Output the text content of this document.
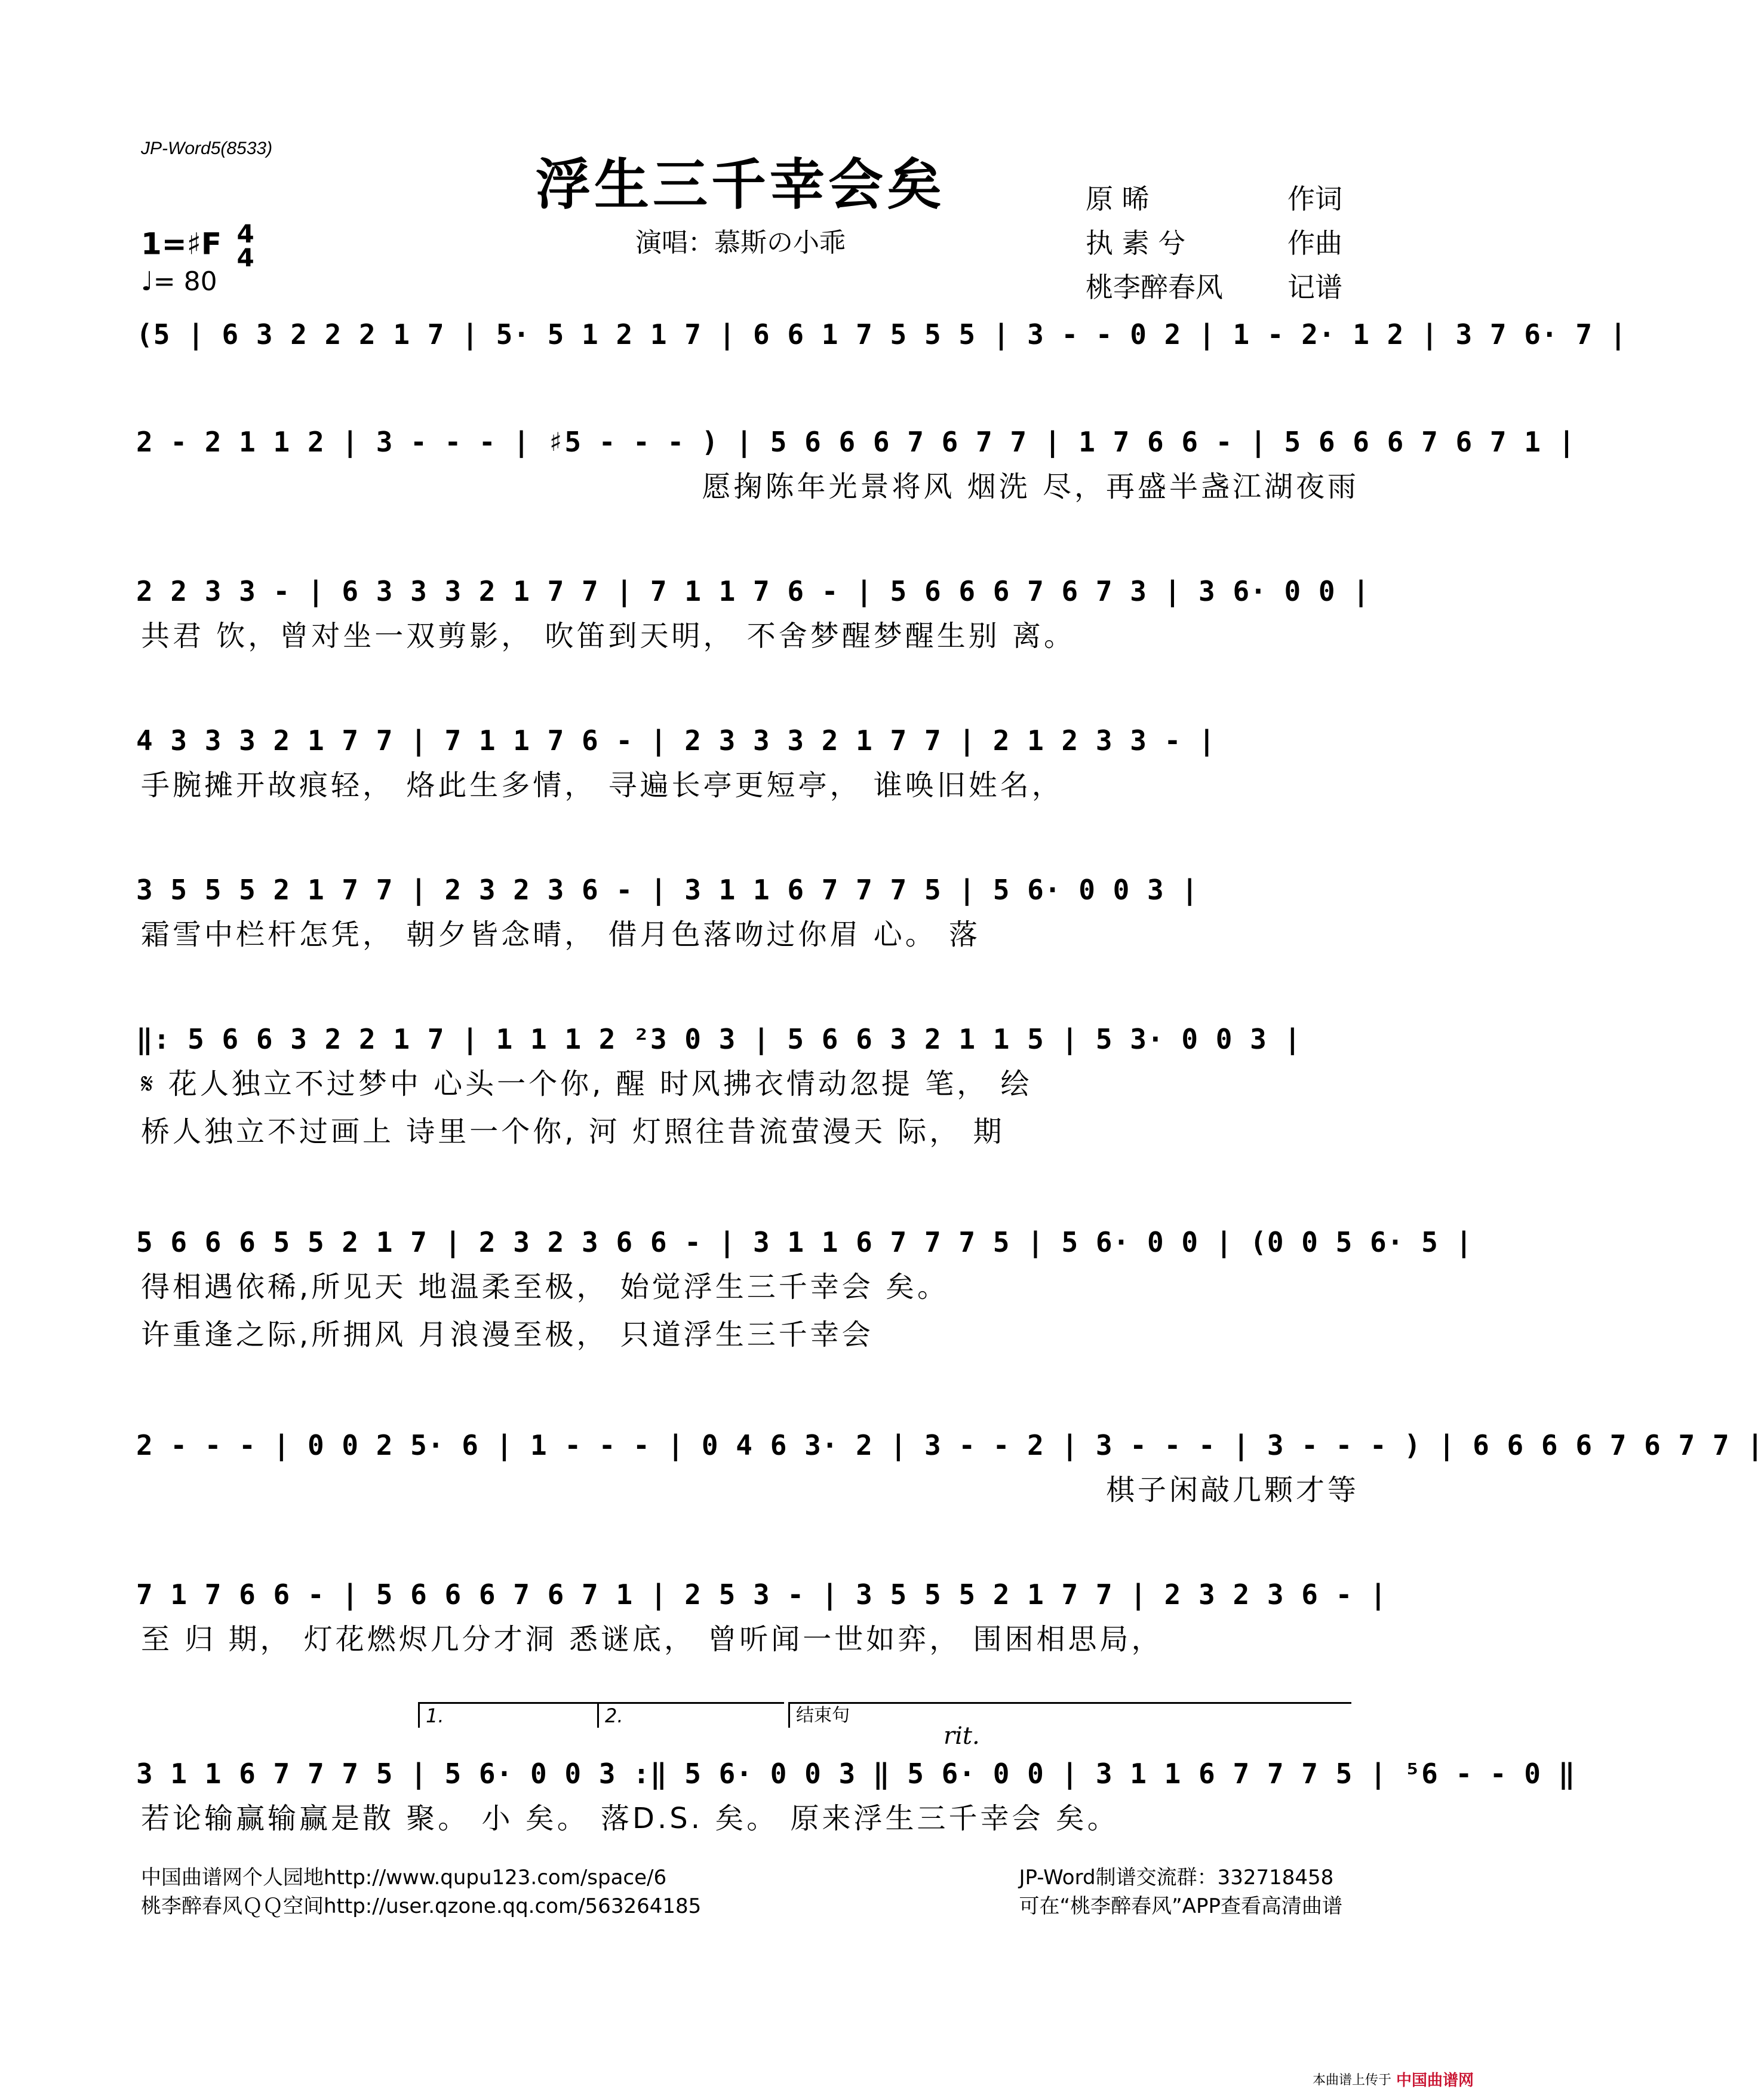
JP-Word5(8533)
浮生三千幸会矣
演唱：慕斯の小乖
原 晞	作词
执 素 兮	作曲
桃李醉春风 记谱
1=♯F 4
4
♩= 80
(5 | 6 3 2 2 2 1 7 | 5· 5 1 2 1 7 | 6 6 1 7 5 5 5 | 3 - - 0 2 | 1 - 2· 1 2 | 3 7 6· 7 |
2 - 2 1 1 2 | 3 - - - | ♯5 - - - ) | 5 6 6 6 7 6 7 7 | 1 7 6 6 - | 5 6 6 6 7 6 7 1 |
愿掬陈年光景将风 烟洗 尽，再盛半盏江湖夜雨
2 2 3 3 - | 6 3 3 3 2 1 7 7 | 7 1 1 7 6 - | 5 6 6 6 7 6 7 3 | 3 6· 0 0 |
共君 饮，曾对坐一双剪影， 吹笛到天明， 不舍梦醒梦醒生别 离。
4 3 3 3 2 1 7 7 | 7 1 1 7 6 - | 2 3 3 3 2 1 7 7 | 2 1 2 3 3 - |
手腕摊开故痕轻， 烙此生多情， 寻遍长亭更短亭， 谁唤旧姓名，
3 5 5 5 2 1 7 7 | 2 3 2 3 6 - | 3 1 1 6 7 7 7 5 | 5 6· 0 0 3 |
霜雪中栏杆怎凭， 朝夕皆念晴， 借月色落吻过你眉 心。 落
‖: 5 6 6 3 2 2 1 7 | 1 1 1 2 ²3 0 3 | 5 6 6 3 2 1 1 5 | 5 3· 0 0 3 |
𝄋 花人独立不过梦中 心头一个你, 醒 时风拂衣情动忽提 笔， 绘
桥人独立不过画上 诗里一个你, 河 灯照往昔流萤漫天 际， 期
5 6 6 6 5 5 2 1 7 | 2 3 2 3 6 6 - | 3 1 1 6 7 7 7 5 | 5 6· 0 0 | (0 0 5 6· 5 |
得相遇依稀,所见天 地温柔至极， 始觉浮生三千幸会 矣。
许重逢之际,所拥风 月浪漫至极， 只道浮生三千幸会
2 - - - | 0 0 2 5· 6 | 1 - - - | 0 4 6 3· 2 | 3 - - 2 | 3 - - - | 3 - - - ) | 6 6 6 6 7 6 7 7 |
棋子闲敲几颗才等
7 1 7 6 6 - | 5 6 6 6 7 6 7 1 | 2 5 3 - | 3 5 5 5 2 1 7 7 | 2 3 2 3 6 - |
至 归 期， 灯花燃烬几分才洞 悉谜底， 曾听闻一世如弈， 围困相思局，
1.	2.	结束句
rit.
3 1 1 6 7 7 7 5 | 5 6· 0 0 3 :‖ 5 6· 0 0 3 ‖ 5 6· 0 0 | 3 1 1 6 7 7 7 5 | ⁵6 - - 0 ‖
若论输赢输赢是散 聚。 小 矣。 落D.S. 矣。 原来浮生三千幸会 矣。
中国曲谱网个人园地http://www.qupu123.com/space/6
桃李醉春风ＱＱ空间http://user.qzone.qq.com/563264185
JP-Word制谱交流群：332718458
可在“桃李醉春风”APP查看高清曲谱
本曲谱上传于 中国曲谱网
